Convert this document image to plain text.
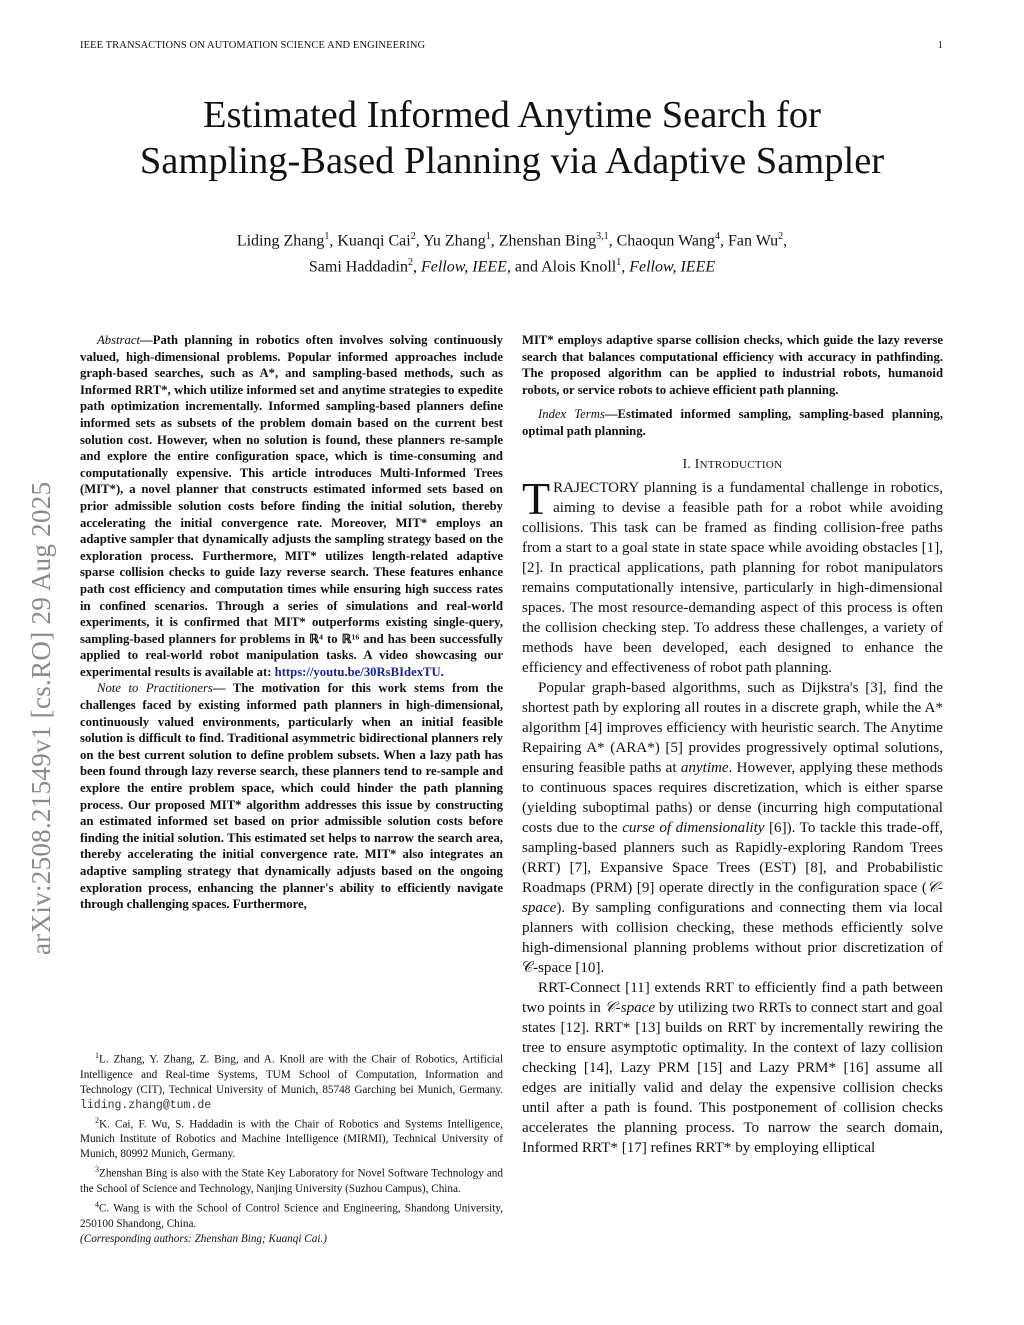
IEEE TRANSACTIONS ON AUTOMATION SCIENCE AND ENGINEERING	1
Estimated Informed Anytime Search for
Sampling-Based Planning via Adaptive Sampler
Liding Zhang$^1$, Kuanqi Cai$^2$, Yu Zhang$^1$, Zhenshan Bing$^{3,1}$, Chaoqun Wang$^4$, Fan Wu$^2$,
Sami Haddadin$^2$, Fellow, IEEE, and Alois Knoll$^1$, Fellow, IEEE
arXiv:2508.21549v1 [cs.RO] 29 Aug 2025

Abstract—Path planning in robotics often involves solving continuously valued, high-dimensional problems. Popular informed approaches include graph-based searches, such as A*, and sampling-based methods, such as Informed RRT*, which utilize informed set and anytime strategies to expedite path optimization incrementally. Informed sampling-based planners define informed sets as subsets of the problem domain based on the current best solution cost. However, when no solution is found, these planners re-sample and explore the entire configuration space, which is time-consuming and computationally expensive. This article introduces Multi-Informed Trees (MIT*), a novel planner that constructs estimated informed sets based on prior admissible solution costs before finding the initial solution, thereby accelerating the initial convergence rate. Moreover, MIT* employs an adaptive sampler that dynamically adjusts the sampling strategy based on the exploration process. Furthermore, MIT* utilizes length-related adaptive sparse collision checks to guide lazy reverse search. These features enhance path cost efficiency and computation times while ensuring high success rates in confined scenarios. Through a series of simulations and real-world experiments, it is confirmed that MIT* outperforms existing single-query, sampling-based planners for problems in ℝ⁴ to ℝ¹⁶ and has been successfully applied to real-world robot manipulation tasks. A video showcasing our experimental results is available at: https://youtu.be/30RsBIdexTU.

Note to Practitioners— The motivation for this work stems from the challenges faced by existing informed path planners in high-dimensional, continuously valued environments, particularly when an initial feasible solution is difficult to find. Traditional asymmetric bidirectional planners rely on the best current solution to define problem subsets. When a lazy path has been found through lazy reverse search, these planners tend to re-sample and explore the entire problem space, which could hinder the path planning process. Our proposed MIT* algorithm addresses this issue by constructing an estimated informed set based on prior admissible solution costs before finding the initial solution. This estimated set helps to narrow the search area, thereby accelerating the initial convergence rate. MIT* also integrates an adaptive sampling strategy that dynamically adjusts based on the ongoing exploration process, enhancing the planner's ability to efficiently navigate through challenging spaces. Furthermore,

$^1$L. Zhang, Y. Zhang, Z. Bing, and A. Knoll are with the Chair of Robotics, Artificial Intelligence and Real-time Systems, TUM School of Computation, Information and Technology (CIT), Technical University of Munich, 85748 Garching bei Munich, Germany. liding.zhang@tum.de

$^2$K. Cai, F. Wu, S. Haddadin is with the Chair of Robotics and Systems Intelligence, Munich Institute of Robotics and Machine Intelligence (MIRMI), Technical University of Munich, 80992 Munich, Germany.

$^3$Zhenshan Bing is also with the State Key Laboratory for Novel Software Technology and the School of Science and Technology, Nanjing University (Suzhou Campus), China.

$^4$C. Wang is with the School of Control Science and Engineering, Shandong University, 250100 Shandong, China.

(Corresponding authors: Zhenshan Bing; Kuanqi Cai.)

MIT* employs adaptive sparse collision checks, which guide the lazy reverse search that balances computational efficiency with accuracy in pathfinding. The proposed algorithm can be applied to industrial robots, humanoid robots, or service robots to achieve efficient path planning.

Index Terms—Estimated informed sampling, sampling-based planning, optimal path planning.

I. INTRODUCTION

TRAJECTORY planning is a fundamental challenge in robotics, aiming to devise a feasible path for a robot while avoiding collisions. This task can be framed as finding collision-free paths from a start to a goal state in state space while avoiding obstacles [1], [2]. In practical applications, path planning for robot manipulators remains computationally intensive, particularly in high-dimensional spaces. The most resource-demanding aspect of this process is often the collision checking step. To address these challenges, a variety of methods have been developed, each designed to enhance the efficiency and effectiveness of robot path planning.

Popular graph-based algorithms, such as Dijkstra's [3], find the shortest path by exploring all routes in a discrete graph, while the A* algorithm [4] improves efficiency with heuristic search. The Anytime Repairing A* (ARA*) [5] provides progressively optimal solutions, ensuring feasible paths at anytime. However, applying these methods to continuous spaces requires discretization, which is either sparse (yielding suboptimal paths) or dense (incurring high computational costs due to the curse of dimensionality [6]). To tackle this trade-off, sampling-based planners such as Rapidly-exploring Random Trees (RRT) [7], Expansive Space Trees (EST) [8], and Probabilistic Roadmaps (PRM) [9] operate directly in the configuration space (𝒞-space). By sampling configurations and connecting them via local planners with collision checking, these methods efficiently solve high-dimensional planning problems without prior discretization of 𝒞-space [10].

RRT-Connect [11] extends RRT to efficiently find a path between two points in 𝒞-space by utilizing two RRTs to connect start and goal states [12]. RRT* [13] builds on RRT by incrementally rewiring the tree to ensure asymptotic optimality. In the context of lazy collision checking [14], Lazy PRM [15] and Lazy PRM* [16] assume all edges are initially valid and delay the expensive collision checks until after a path is found. This postponement of collision checks accelerates the planning process. To narrow the search domain, Informed RRT* [17] refines RRT* by employing elliptical
